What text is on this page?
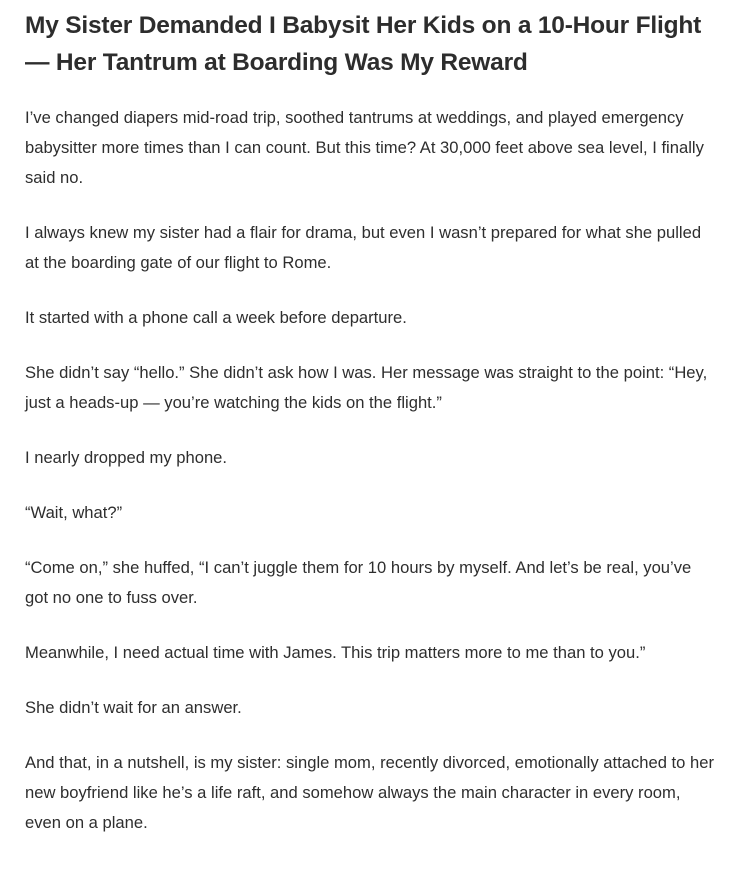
My Sister Demanded I Babysit Her Kids on a 10-Hour Flight — Her Tantrum at Boarding Was My Reward

I’ve changed diapers mid-road trip, soothed tantrums at weddings, and played emergency babysitter more times than I can count. But this time? At 30,000 feet above sea level, I finally said no.

I always knew my sister had a flair for drama, but even I wasn’t prepared for what she pulled at the boarding gate of our flight to Rome.

It started with a phone call a week before departure.

She didn’t say “hello.” She didn’t ask how I was. Her message was straight to the point: “Hey, just a heads-up — you’re watching the kids on the flight.”

I nearly dropped my phone.

“Wait, what?”

“Come on,” she huffed, “I can’t juggle them for 10 hours by myself. And let’s be real, you’ve got no one to fuss over.

Meanwhile, I need actual time with James. This trip matters more to me than to you.”

She didn’t wait for an answer.

And that, in a nutshell, is my sister: single mom, recently divorced, emotionally attached to her new boyfriend like he’s a life raft, and somehow always the main character in every room, even on a plane.
